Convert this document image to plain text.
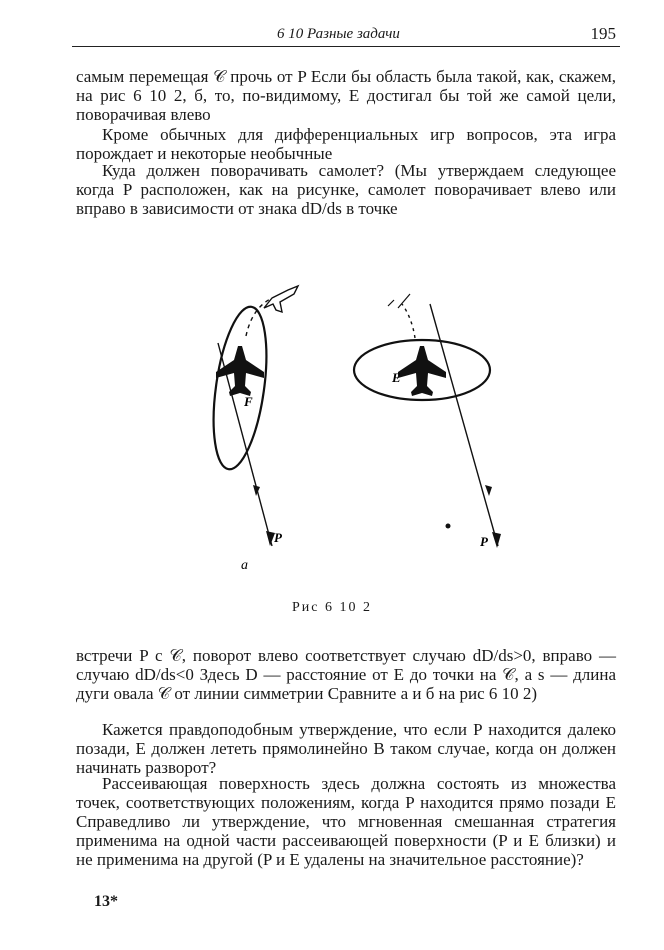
6 10 Разные задачи	195

самым перемещая 𝒞 прочь от P Если бы область была такой, как, скажем, на рис 6 10 2, б, то, по-видимому, E достигал бы той же самой цели, поворачивая влево

Кроме обычных для дифференциальных игр вопросов, эта игра порождает и некоторые необычные

Куда должен поворачивать самолет? (Мы утверждаем следующее когда P расположен, как на рисунке, самолет поворачивает влево или вправо в зависимости от знака dD/ds в точке

F
P
а
E
P
Рис 6 10 2

встречи P с 𝒞, поворот влево соответствует случаю dD/ds>0, вправо — случаю dD/ds<0 Здесь D — расстояние от E до точки на 𝒞, а s — длина дуги овала 𝒞 от линии симметрии Сравните а и б на рис 6 10 2)

Кажется правдоподобным утверждение, что если P находится далеко позади, E должен лететь прямолинейно В таком случае, когда он должен начинать разворот?

Рассеивающая поверхность здесь должна состоять из множества точек, соответствующих положениям, когда P находится прямо позади E Справедливо ли утверждение, что мгновенная смешанная стратегия применима на одной части рассеивающей поверхности (P и E близки) и не применима на другой (P и E удалены на значительное расстояние)?

13*
